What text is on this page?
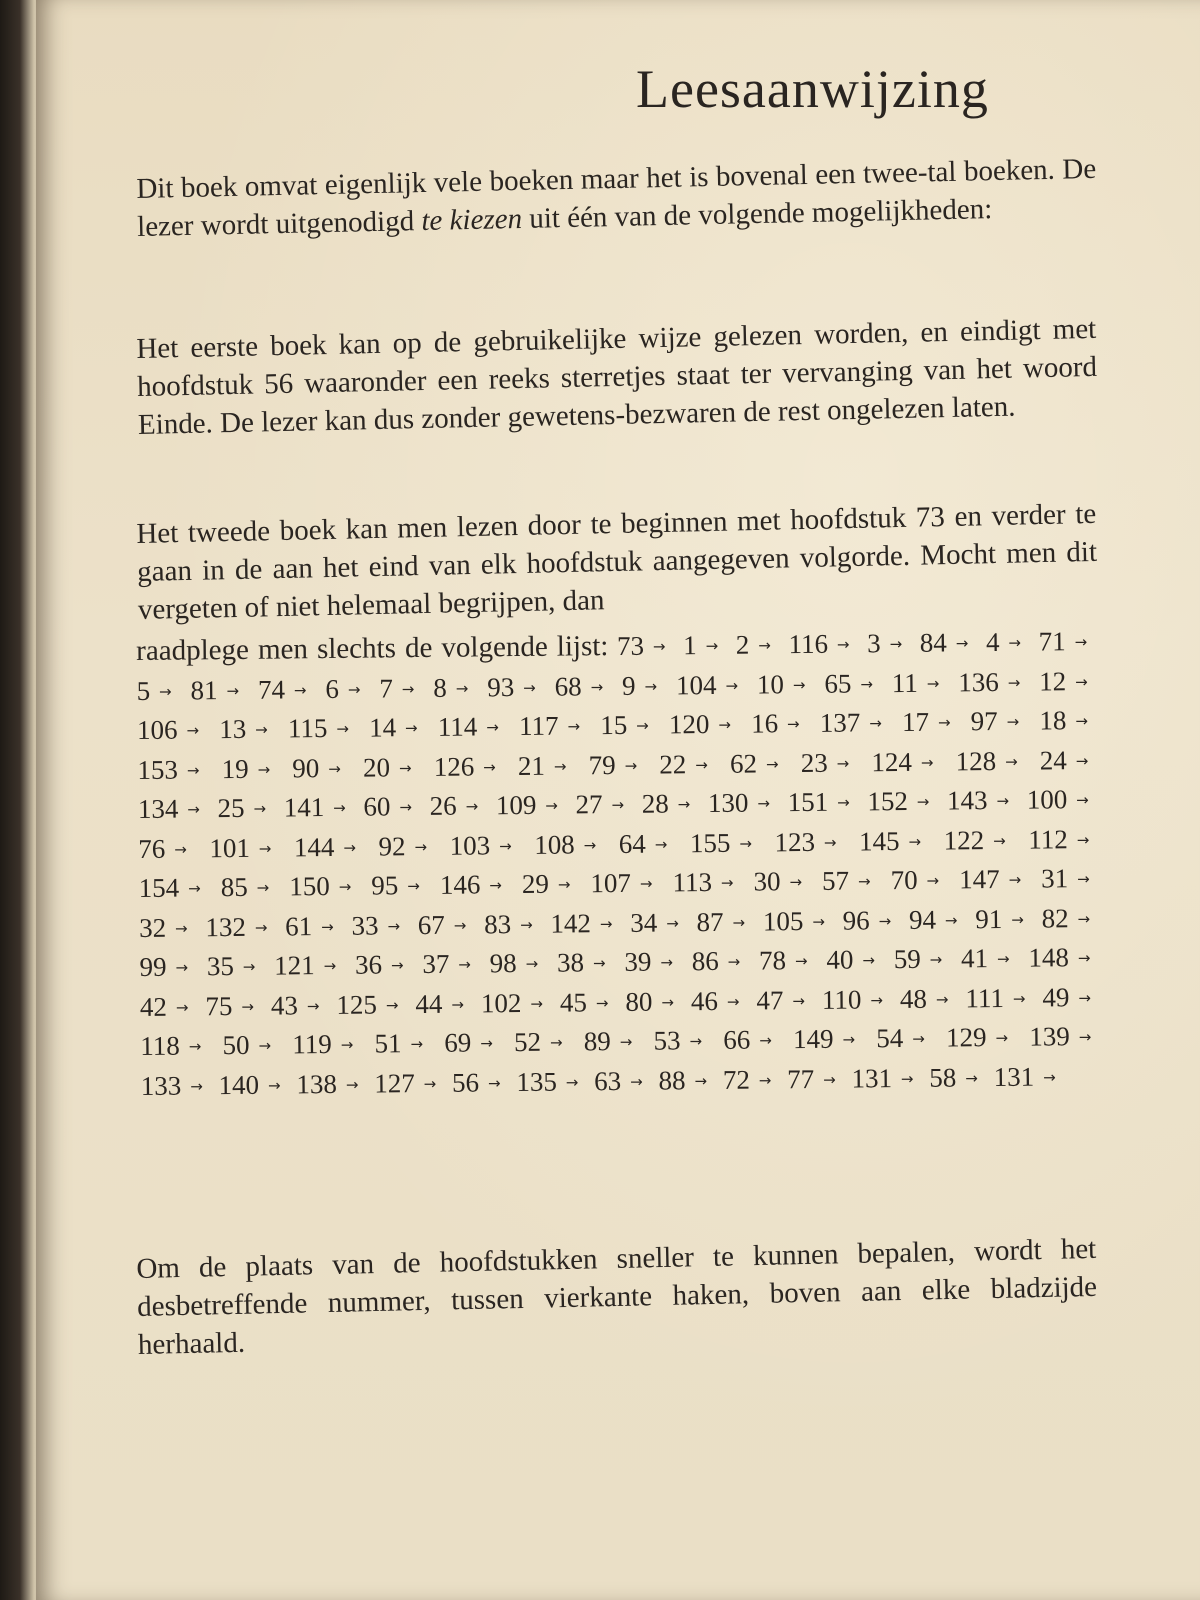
Leesaanwijzing

Dit boek omvat eigenlijk vele boeken maar het is bovenal een twee-tal boeken. De lezer wordt uitgenodigd te kiezen uit één van de volgende mogelijkheden:

Het eerste boek kan op de gebruikelijke wijze gelezen worden, en eindigt met hoofdstuk 56 waaronder een reeks sterretjes staat ter vervanging van het woord Einde. De lezer kan dus zonder gewetens-bezwaren de rest ongelezen laten.

Het tweede boek kan men lezen door te beginnen met hoofdstuk 73 en verder te gaan in de aan het eind van elk hoofdstuk aangegeven volgorde. Mocht men dit vergeten of niet helemaal begrijpen, dan

raadplege men slechts de volgende lijst: 73 → 1 → 2 → 116 → 3 → 84 → 4 → 71 → 5 → 81 → 74 → 6 → 7 → 8 → 93 → 68 → 9 → 104 → 10 → 65 → 11 → 136 → 12 → 106 → 13 → 115 → 14 → 114 → 117 → 15 → 120 → 16 → 137 → 17 → 97 → 18 → 153 → 19 → 90 → 20 → 126 → 21 → 79 → 22 → 62 → 23 → 124 → 128 → 24 → 134 → 25 → 141 → 60 → 26 → 109 → 27 → 28 → 130 → 151 → 152 → 143 → 100 → 76 → 101 → 144 → 92 → 103 → 108 → 64 → 155 → 123 → 145 → 122 → 112 → 154 → 85 → 150 → 95 → 146 → 29 → 107 → 113 → 30 → 57 → 70 → 147 → 31 → 32 → 132 → 61 → 33 → 67 → 83 → 142 → 34 → 87 → 105 → 96 → 94 → 91 → 82 → 99 → 35 → 121 → 36 → 37 → 98 → 38 → 39 → 86 → 78 → 40 → 59 → 41 → 148 → 42 → 75 → 43 → 125 → 44 → 102 → 45 → 80 → 46 → 47 → 110 → 48 → 111 → 49 → 118 → 50 → 119 → 51 → 69 → 52 → 89 → 53 → 66 → 149 → 54 → 129 → 139 → 133 → 140 → 138 → 127 → 56 → 135 → 63 → 88 → 72 → 77 → 131 → 58 → 131 →

Om de plaats van de hoofdstukken sneller te kunnen bepalen, wordt het desbetreffende nummer, tussen vierkante haken, boven aan elke bladzijde herhaald.
